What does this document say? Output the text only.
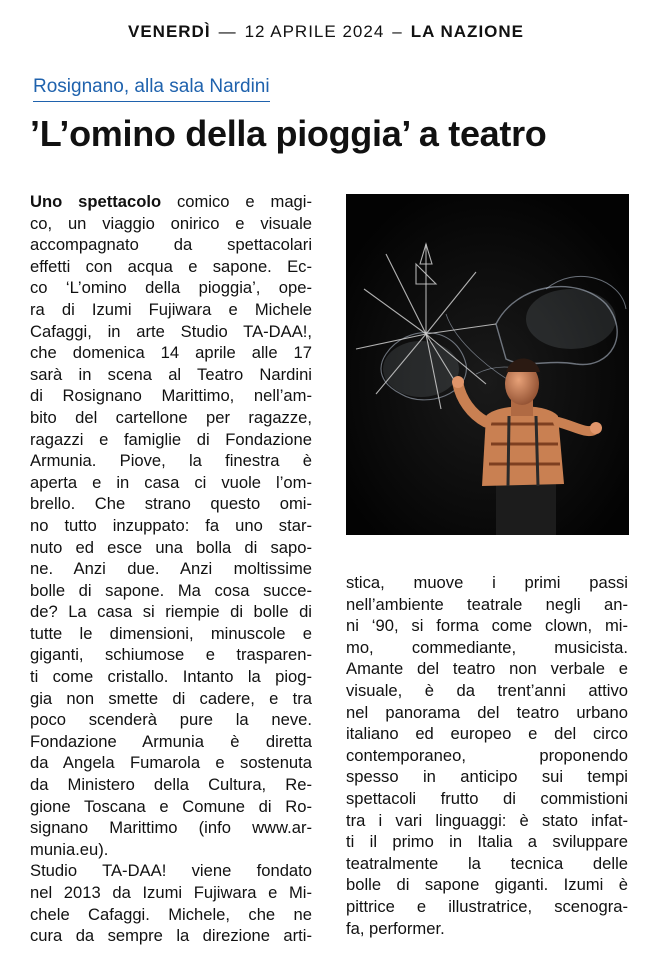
VENERDÌ — 12 APRILE 2024 – LA NAZIONE
Rosignano, alla sala Nardini
’L’omino della pioggia’ a teatro
Uno spettacolo comico e magi-
co, un viaggio onirico e visuale
accompagnato da spettacolari
effetti con acqua e sapone. Ec-
co ‘L’omino della pioggia’, ope-
ra di Izumi Fujiwara e Michele
Cafaggi, in arte Studio TA-DAA!,
che domenica 14 aprile alle 17
sarà in scena al Teatro Nardini
di Rosignano Marittimo, nell’am-
bito del cartellone per ragazze,
ragazzi e famiglie di Fondazione
Armunia. Piove, la finestra è
aperta e in casa ci vuole l’om-
brello. Che strano questo omi-
no tutto inzuppato: fa uno star-
nuto ed esce una bolla di sapo-
ne. Anzi due. Anzi moltissime
bolle di sapone. Ma cosa succe-
de? La casa si riempie di bolle di
tutte le dimensioni, minuscole e
giganti, schiumose e trasparen-
ti come cristallo. Intanto la piog-
gia non smette di cadere, e tra
poco scenderà pure la neve.
Fondazione Armunia è diretta
da Angela Fumarola e sostenuta
da Ministero della Cultura, Re-
gione Toscana e Comune di Ro-
signano Marittimo (info www.ar-
munia.eu).
Studio TA-DAA! viene fondato
nel 2013 da Izumi Fujiwara e Mi-
chele Cafaggi. Michele, che ne
cura da sempre la direzione arti-
stica, muove i primi passi
nell’ambiente teatrale negli an-
ni ‘90, si forma come clown, mi-
mo, commediante, musicista.
Amante del teatro non verbale e
visuale, è da trent’anni attivo
nel panorama del teatro urbano
italiano ed europeo e del circo
contemporaneo, proponendo
spesso in anticipo sui tempi
spettacoli frutto di commistioni
tra i vari linguaggi: è stato infat-
ti il primo in Italia a sviluppare
teatralmente la tecnica delle
bolle di sapone giganti. Izumi è
pittrice e illustratrice, scenogra-
fa, performer.
